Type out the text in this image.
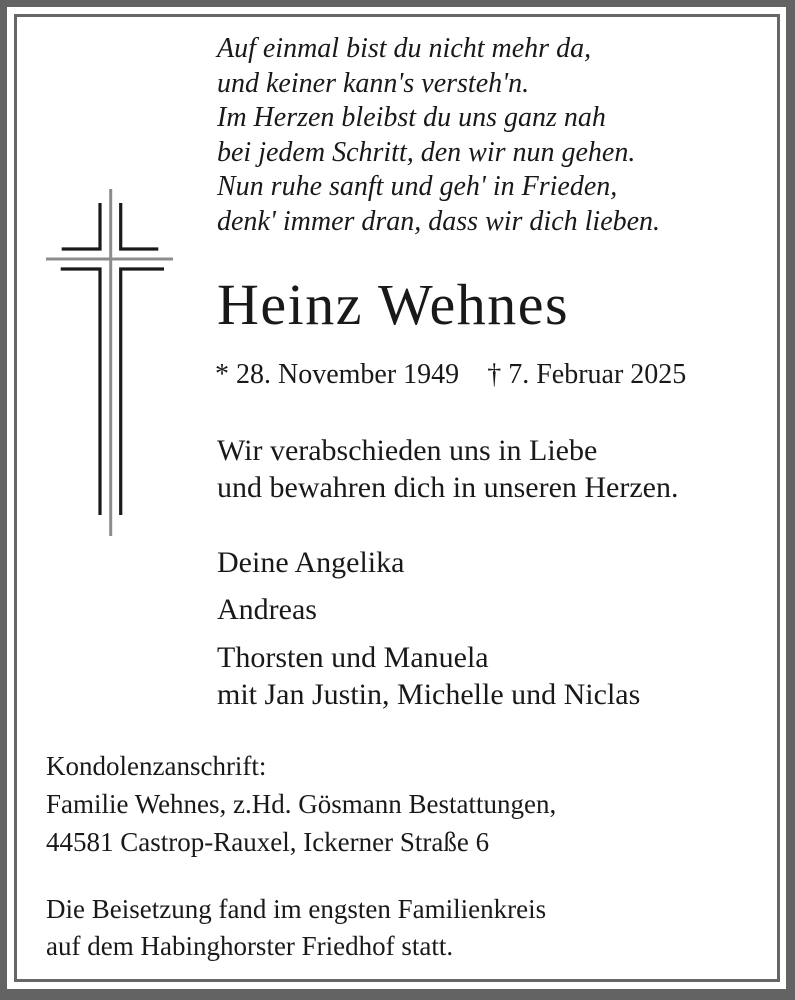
Auf einmal bist du nicht mehr da,
und keiner kann's versteh'n.
Im Herzen bleibst du uns ganz nah
bei jedem Schritt, den wir nun gehen.
Nun ruhe sanft und geh' in Frieden,
denk' immer dran, dass wir dich lieben.
Heinz Wehnes
* 28. November 1949 † 7. Februar 2025
Wir verabschieden uns in Liebe
und bewahren dich in unseren Herzen.
Deine Angelika
Andreas
Thorsten und Manuela
mit Jan Justin, Michelle und Niclas
Kondolenzanschrift:
Familie Wehnes, z.Hd. Gösmann Bestattungen,
44581 Castrop-Rauxel, Ickerner Straße 6
Die Beisetzung fand im engsten Familienkreis
auf dem Habinghorster Friedhof statt.
